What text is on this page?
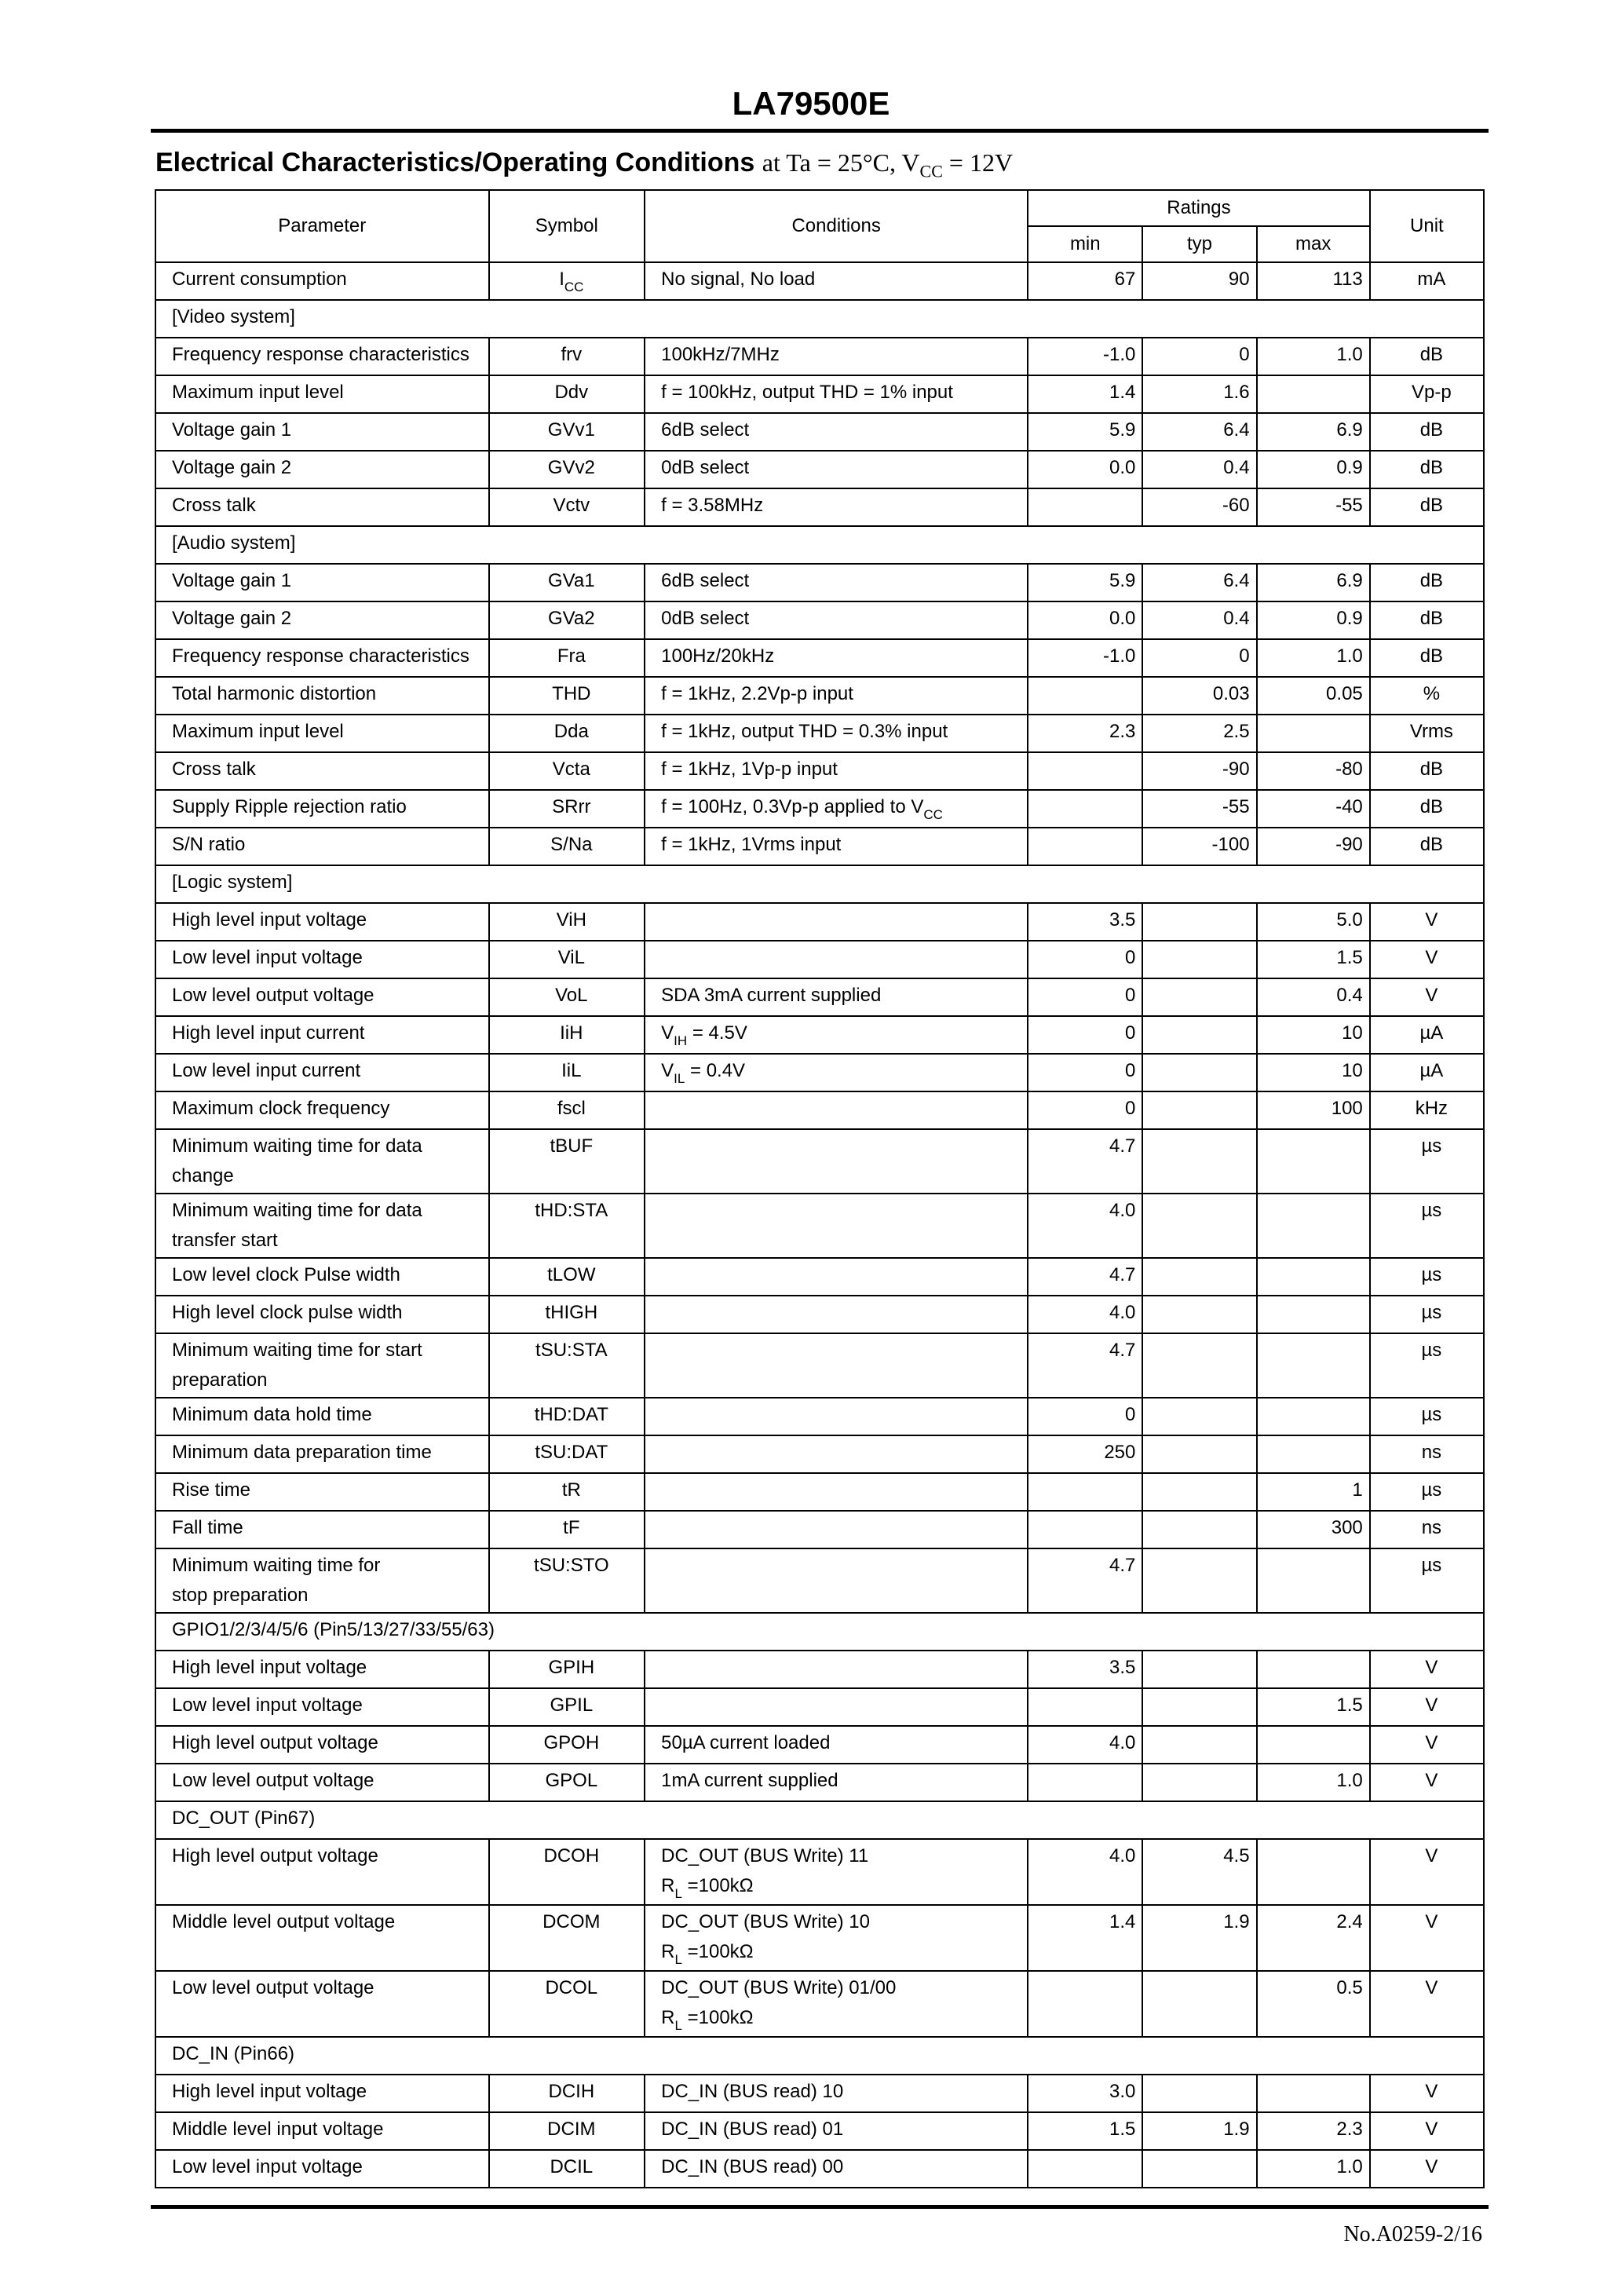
LA79500E
Electrical Characteristics/Operating Conditions at Ta = 25°C, $V_{CC} = 12V$
Parameter	Symbol	Conditions	Ratings			Unit
			min	typ	max	

Current consumption	$I_{CC}$	No signal, No load	67	90	113	mA
[Video system]						

Frequency response characteristics	frv	100kHz/7MHz	-1.0	0	1.0	dB

Maximum input level	Ddv	f = 100kHz, output THD = 1% input	1.4	1.6		Vp-p

Voltage gain 1	GVv1	6dB select	5.9	6.4	6.9	dB

Voltage gain 2	GVv2	0dB select	0.0	0.4	0.9	dB

Cross talk	Vctv	f = 3.58MHz		-60	-55	dB
[Audio system]						

Voltage gain 1	GVa1	6dB select	5.9	6.4	6.9	dB

Voltage gain 2	GVa2	0dB select	0.0	0.4	0.9	dB

Frequency response characteristics	Fra	100Hz/20kHz	-1.0	0	1.0	dB

Total harmonic distortion	THD	f = 1kHz, 2.2Vp-p input		0.03	0.05	%

Maximum input level	Dda	f = 1kHz, output THD = 0.3% input	2.3	2.5		Vrms

Cross talk	Vcta	f = 1kHz, 1Vp-p input		-90	-80	dB

Supply Ripple rejection ratio	SRrr	f = 100Hz, 0.3Vp-p applied to $V_{CC}$		-55	-40	dB

S/N ratio	S/Na	f = 1kHz, 1Vrms input		-100	-90	dB
[Logic system]						

High level input voltage	ViH		3.5		5.0	V

Low level input voltage	ViL		0		1.5	V

Low level output voltage	VoL	SDA 3mA current supplied	0		0.4	V

High level input current	IiH	$V_{IH} = 4.5V$	0		10	µA

Low level input current	IiL	$V_{IL} = 0.4V$	0		10	µA

Maximum clock frequency	fscl		0		100	kHz

Minimum waiting time for data
change	tBUF		4.7			µs

Minimum waiting time for data
transfer start	tHD:STA		4.0			µs

Low level clock Pulse width	tLOW		4.7			µs

High level clock pulse width	tHIGH		4.0			µs

Minimum waiting time for start
preparation	tSU:STA		4.7			µs

Minimum data hold time	tHD:DAT		0			µs

Minimum data preparation time	tSU:DAT		250			ns

Rise time	tR				1	µs

Fall time	tF				300	ns

Minimum waiting time for
stop preparation	tSU:STO		4.7			µs
GPIO1/2/3/4/5/6 (Pin5/13/27/33/55/63)						

High level input voltage	GPIH		3.5			V

Low level input voltage	GPIL				1.5	V

High level output voltage	GPOH	50µA current loaded	4.0			V

Low level output voltage	GPOL	1mA current supplied			1.0	V
DC_OUT (Pin67)						

High level output voltage	DCOH	DC_OUT (BUS Write) 11
$R_L =100k\Omega$	4.0	4.5		V

Middle level output voltage	DCOM	DC_OUT (BUS Write) 10
$R_L =100k\Omega$	1.4	1.9	2.4	V

Low level output voltage	DCOL	DC_OUT (BUS Write) 01/00
$R_L =100k\Omega$			0.5	V
DC_IN (Pin66)						

High level input voltage	DCIH	DC_IN (BUS read) 10	3.0			V

Middle level input voltage	DCIM	DC_IN (BUS read) 01	1.5	1.9	2.3	V

Low level input voltage	DCIL	DC_IN (BUS read) 00			1.0	V
No.A0259-2/16
